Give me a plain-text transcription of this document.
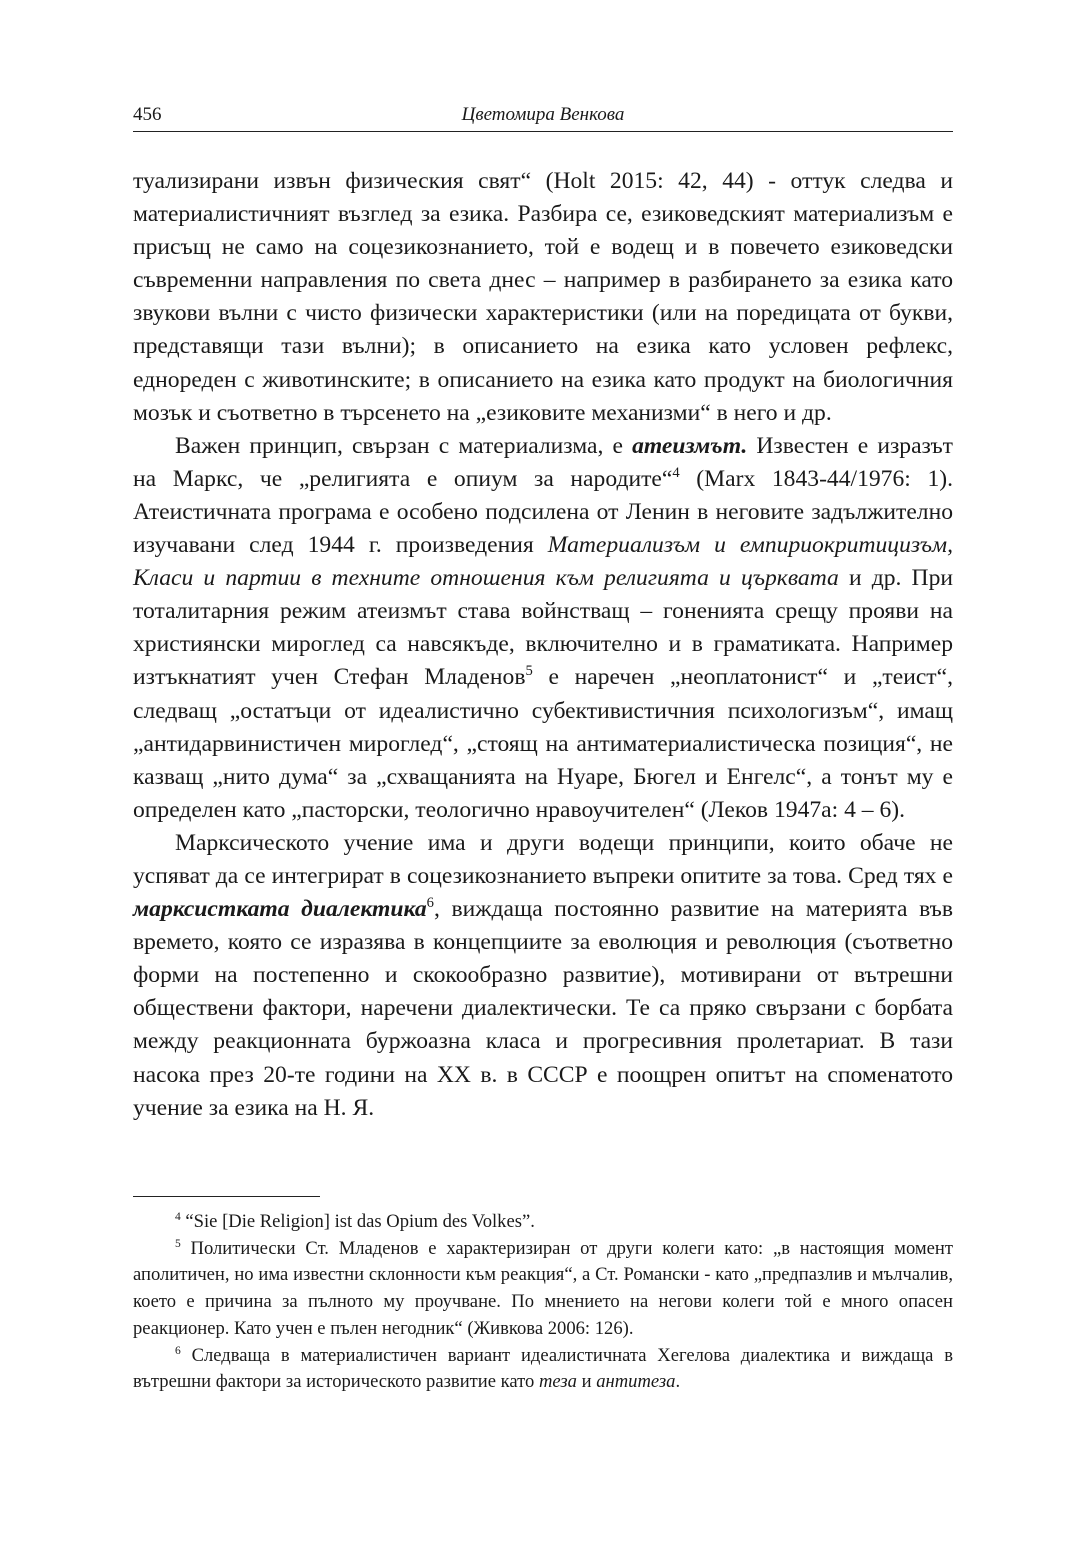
456	Цветомира Венкова

туализирани извън физическия свят“ (Holt 2015: 42, 44) ‑ оттук следва и материалистичният възглед за езика. Разбира се, езиковедският материализъм е присъщ не само на соцезикознанието, той е водещ и в повечето езиковедски съвременни направления по света днес – например в разбирането за езика като звукови вълни с чисто физически характеристики (или на поредицата от букви, представящи тази вълни); в описанието на езика като условен рефлекс, еднореден с животинските; в описанието на езика като продукт на биологичния мозък и съответно в търсенето на „езиковите механизми“ в него и др.

Важен принцип, свързан с материализма, е атеизмът. Известен е изразът на Маркс, че „религията е опиум за народите“$^4$ (Marx 1843-44/1976: 1). Атеистичната програма е особено подсилена от Ленин в неговите задължително изучавани след 1944 г. произведения Материализъм и емпириокритицизъм, Класи и партии в техните отношения към религията и църквата и др. При тоталитарния режим атеизмът става войнстващ – гоненията срещу прояви на християнски мироглед са навсякъде, включително и в граматиката. Например изтъкнатият учен Стефан Младенов$^5$ е наречен „неоплатонист“ и „теист“, следващ „остатъци от идеалистично субективистичния психологизъм“, имащ „антидарвинистичен мироглед“, „стоящ на антиматериалистическа позиция“, не казващ „нито дума“ за „схващанията на Нуаре, Бюгел и Енгелс“, а тонът му е определен като „пасторски, теологично нравоучителен“ (Леков 1947а: 4 – 6).

Марксическото учение има и други водещи принципи, които обаче не успяват да се интегрират в соцезикознанието въпреки опитите за това. Сред тях е марксистката диалектика$^6$, виждаща постоянно развитие на материята във времето, която се изразява в концепциите за еволюция и революция (съответно форми на постепенно и скокообразно развитие), мотивирани от вътрешни обществени фактори, наречени диалектически. Те са пряко свързани с борбата между реакционната буржоазна класа и прогресивния пролетариат. В тази насока през 20-те години на ХХ в. в СССР е поощрен опитът на споменатото учение за езика на Н. Я.

$^4$ “Sie [Die Religion] ist das Opium des Volkes”.

$^5$ Политически Ст. Младенов е характеризиран от други колеги като: „в настоящия момент аполитичен, но има известни склонности към реакция“, а Ст. Романски ‑ като „предпазлив и мълчалив, което е причина за пълното му проучване. По мнението на негови колеги той е много опасен реакционер. Като учен е пълен негодник“ (Живкова 2006: 126).

$^6$ Следваща в материалистичен вариант идеалистичната Хегелова диалектика и виждаща в вътрешни фактори за историческото развитие като теза и антитеза.
